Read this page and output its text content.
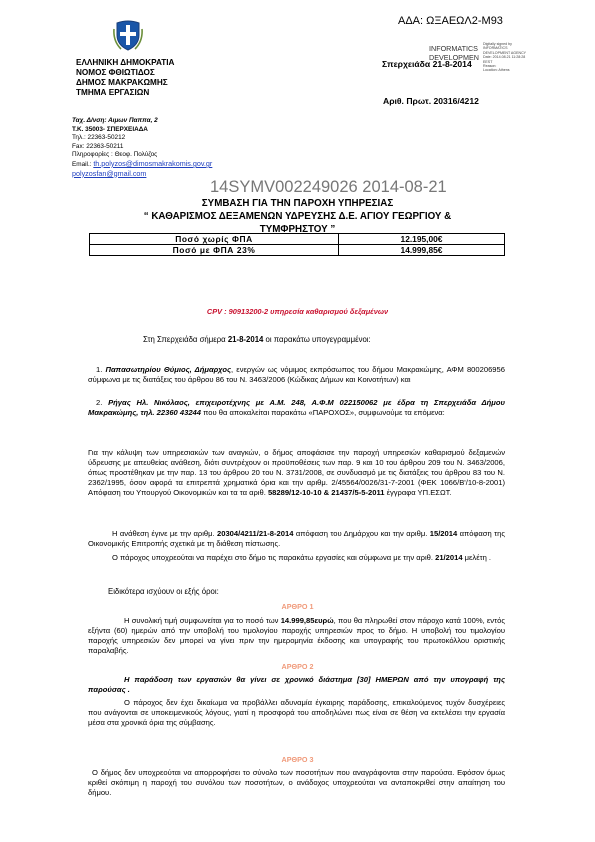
ΑΔΑ: ΩΞΑΕΩΛ2-Μ93
INFORMATICS
DEVELOPMEN
Digitally signed by
INFORMATICS
DEVELOPMENT AGENCY
Date: 2014.08.21 11:28:28
EEST
Reason:
Location: Athens
ΕΛΛΗΝΙΚΗ ΔΗΜΟΚΡΑΤΙΑ
ΝΟΜΟΣ ΦΘΙΩΤΙΔΟΣ
ΔΗΜΟΣ ΜΑΚΡΑΚΩΜΗΣ
ΤΜΗΜΑ ΕΡΓΑΣΙΩΝ
Σπερχειάδα 21-8-2014
Αριθ. Πρωτ. 20316/4212
Ταχ. Δ/νση: Αιμων Παππα, 2
Τ.Κ. 35003- ΣΠΕΡΧΕΙΑΔΑ
Τηλ.: 22363-50212
Fax: 22363-50211
Πληροφορίες : Θεοφ. Πολύζος
Email.: th.polyzos@dimosmakrakomis.gov.gr
polyzosfan@gmail.com
14SYMV002249026 2014-08-21
ΣΥΜΒΑΣΗ ΓΙΑ ΤΗΝ ΠΑΡΟΧΗ ΥΠΗΡΕΣΙΑΣ
“ ΚΑΘΑΡΙΣΜΟΣ ΔΕΞΑΜΕΝΩΝ ΥΔΡΕΥΣΗΣ Δ.Ε. ΑΓΙΟΥ ΓΕΩΡΓΙΟΥ &
ΤΥΜΦΡΗΣΤΟΥ ”
Ποσό χωρίς ΦΠΑ	12.195,00€
Ποσό με ΦΠΑ 23%	14.999,85€
CPV : 90913200-2 υπηρεσία καθαρισμού δεξαμένων
Στη Σπερχειάδα σήμερα 21-8-2014 οι παρακάτω υπογεγραμμένοι:
1. Παπασωτηρίου Θύμιος, Δήμαρχος, ενεργών ως νόμιμος εκπρόσωπος του δήμου Μακρακώμης, ΑΦΜ 800206956 σύμφωνα με τις διατάξεις του άρθρου 86 του Ν. 3463/2006 (Κώδικας Δήμων και Κοινοτήτων) και
2. Ρήγας Ηλ. Νικόλαος, επιχειροτέχνης με Α.Μ. 248, Α.Φ.Μ 022150062 με έδρα τη Σπερχειάδα Δήμου Μακρακώμης, τηλ. 22360 43244 που θα αποκαλείται παρακάτω «ΠΑΡΟΧΟΣ», συμφωνούμε τα επόμενα:
Για την κάλυψη των υπηρεσιακών των αναγκών, ο δήμος αποφάσισε την παροχή υπηρεσιών καθαρισμού δεξαμενών ύδρευσης με απευθείας ανάθεση, διότι συντρέχουν οι προϋποθέσεις των παρ. 9 και 10 του άρθρου 209 του Ν. 3463/2006, όπως προστέθηκαν με την παρ. 13 του άρθρου 20 του Ν. 3731/2008, σε συνδυασμό με τις διατάξεις του άρθρου 83 του Ν. 2362/1995, όσον αφορά τα επιτρεπτά χρηματικά όρια και την αριθμ. 2/45564/0026/31-7-2001 (ΦΕΚ 1066/Β'/10-8-2001) Απόφαση του Υπουργού Οικονομικών και τα τα αριθ. 58289/12-10-10 & 21437/5-5-2011 έγγραφα ΥΠ.ΕΣΩΤ.
Η ανάθεση έγινε με την αριθμ. 20304/4211/21-8-2014 απόφαση του Δημάρχου και την αριθμ. 15/2014 απόφαση της Οικονομικής Επιτροπής σχετικά με τη διάθεση πίστωσης.
Ο πάροχος υποχρεούται να παρέχει στο δήμο τις παρακάτω εργασίες και σύμφωνα με την αριθ. 21/2014 μελέτη .
Ειδικότερα ισχύουν οι εξής όροι:
ΑΡΘΡΟ 1
Η συνολική τιμή συμφωνείται για το ποσό των 14.999,85ευρώ, που θα πληρωθεί στον πάροχο κατά 100%, εντός εξήντα (60) ημερών από την υποβολή του τιμολογίου παροχής υπηρεσιών προς το δήμο. Η υποβολή του τιμολογίου παροχής υπηρεσιών δεν μπορεί να γίνει πριν την ημερομηνία έκδοσης και υπογραφής του πρωτοκόλλου οριστικής παραλαβής.
ΑΡΘΡΟ 2
Η παράδοση των εργασιών θα γίνει σε χρονικό διάστημα [30] ΗΜΕΡΩΝ από την υπογραφή της παρούσας .
Ο πάροχος δεν έχει δικαίωμα να προβάλλει αδυναμία έγκαιρης παράδοσης, επικαλούμενος τυχόν δυσχέρειες που ανάγονται σε υποκειμενικούς λόγους, γιατί η προσφορά του αποδηλώνει πως είναι σε θέση να εκτελέσει την εργασία μέσα στα χρονικά όρια της σύμβασης.
ΑΡΘΡΟ 3
Ο δήμος δεν υποχρεούται να απορροφήσει το σύνολο των ποσοτήτων που αναγράφονται στην παρούσα. Εφόσον όμως κριθεί σκόπιμη η παροχή του συνόλου των ποσοτήτων, ο ανάδοχος υποχρεούται να ανταποκριθεί στην απαίτηση του δήμου.
